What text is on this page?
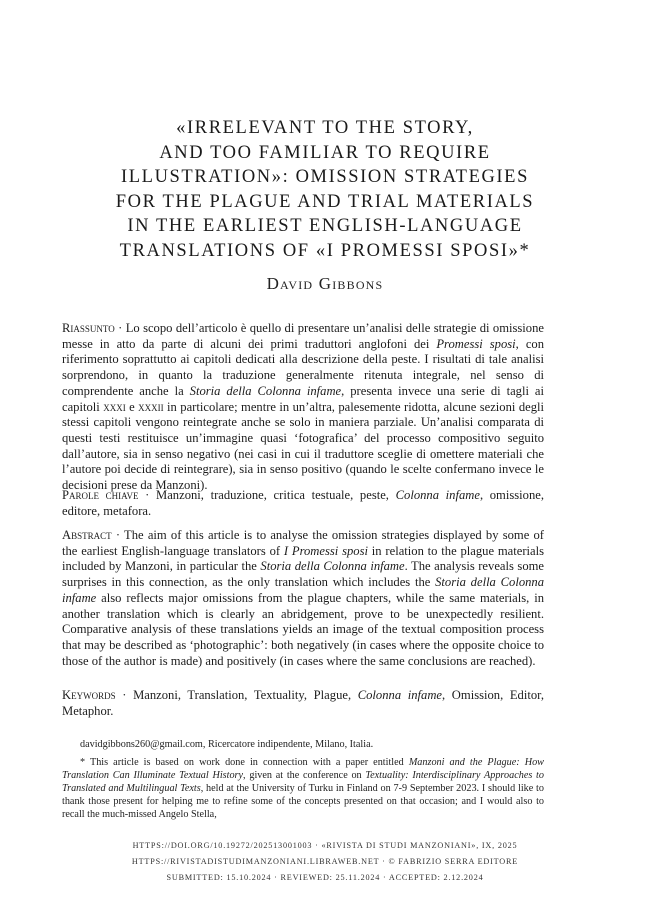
«IRRELEVANT TO THE STORY,
AND TOO FAMILIAR TO REQUIRE
ILLUSTRATION»: OMISSION STRATEGIES
FOR THE PLAGUE AND TRIAL MATERIALS
IN THE EARLIEST ENGLISH-LANGUAGE
TRANSLATIONS OF «I PROMESSI SPOSI»*
David Gibbons

Riassunto · Lo scopo dell’articolo è quello di presentare un’analisi delle strategie di omissione messe in atto da parte di alcuni dei primi traduttori anglofoni dei Promessi sposi, con riferimento soprattutto ai capitoli dedicati alla descrizione della peste. I risultati di tale analisi sorprendono, in quanto la traduzione generalmente ritenuta integrale, nel senso di comprendente anche la Storia della Colonna infame, presenta invece una serie di tagli ai capitoli xxxi e xxxii in particolare; mentre in un’altra, palesemente ridotta, alcune sezioni degli stessi capitoli vengono reintegrate anche se solo in maniera parziale. Un’analisi comparata di questi testi restituisce un’immagine quasi ‘fotografica’ del processo compositivo seguito dall’autore, sia in senso negativo (nei casi in cui il traduttore sceglie di omettere materiali che l’autore poi decide di reintegrare), sia in senso positivo (quando le scelte confermano invece le decisioni prese da Manzoni).

Parole chiave · Manzoni, traduzione, critica testuale, peste, Colonna infame, omissione, editore, metafora.

Abstract · The aim of this article is to analyse the omission strategies displayed by some of the earliest English-language translators of I Promessi sposi in relation to the plague materials included by Manzoni, in particular the Storia della Colonna infame. The analysis reveals some surprises in this connection, as the only translation which includes the Storia della Colonna infame also reflects major omissions from the plague chapters, while the same materials, in another translation which is clearly an abridgement, prove to be unexpectedly resilient. Comparative analysis of these translations yields an image of the textual composition process that may be described as ‘photographic’: both negatively (in cases where the opposite choice to those of the author is made) and positively (in cases where the same conclusions are reached).

Keywords · Manzoni, Translation, Textuality, Plague, Colonna infame, Omission, Editor, Metaphor.

davidgibbons260@gmail.com, Ricercatore indipendente, Milano, Italia.

* This article is based on work done in connection with a paper entitled Manzoni and the Plague: How Translation Can Illuminate Textual History, given at the conference on Textuality: Interdisciplinary Approaches to Translated and Multilingual Texts, held at the University of Turku in Finland on 7-9 September 2023. I should like to thank those present for helping me to refine some of the concepts presented on that occasion; and I would also to recall the much-missed Angelo Stella,

HTTPS://DOI.ORG/10.19272/202513001003 · «RIVISTA DI STUDI MANZONIANI», IX, 2025
HTTPS://RIVISTADISTUDIMANZONIANI.LIBRAWEB.NET · © FABRIZIO SERRA EDITORE
SUBMITTED: 15.10.2024 · REVIEWED: 25.11.2024 · ACCEPTED: 2.12.2024
